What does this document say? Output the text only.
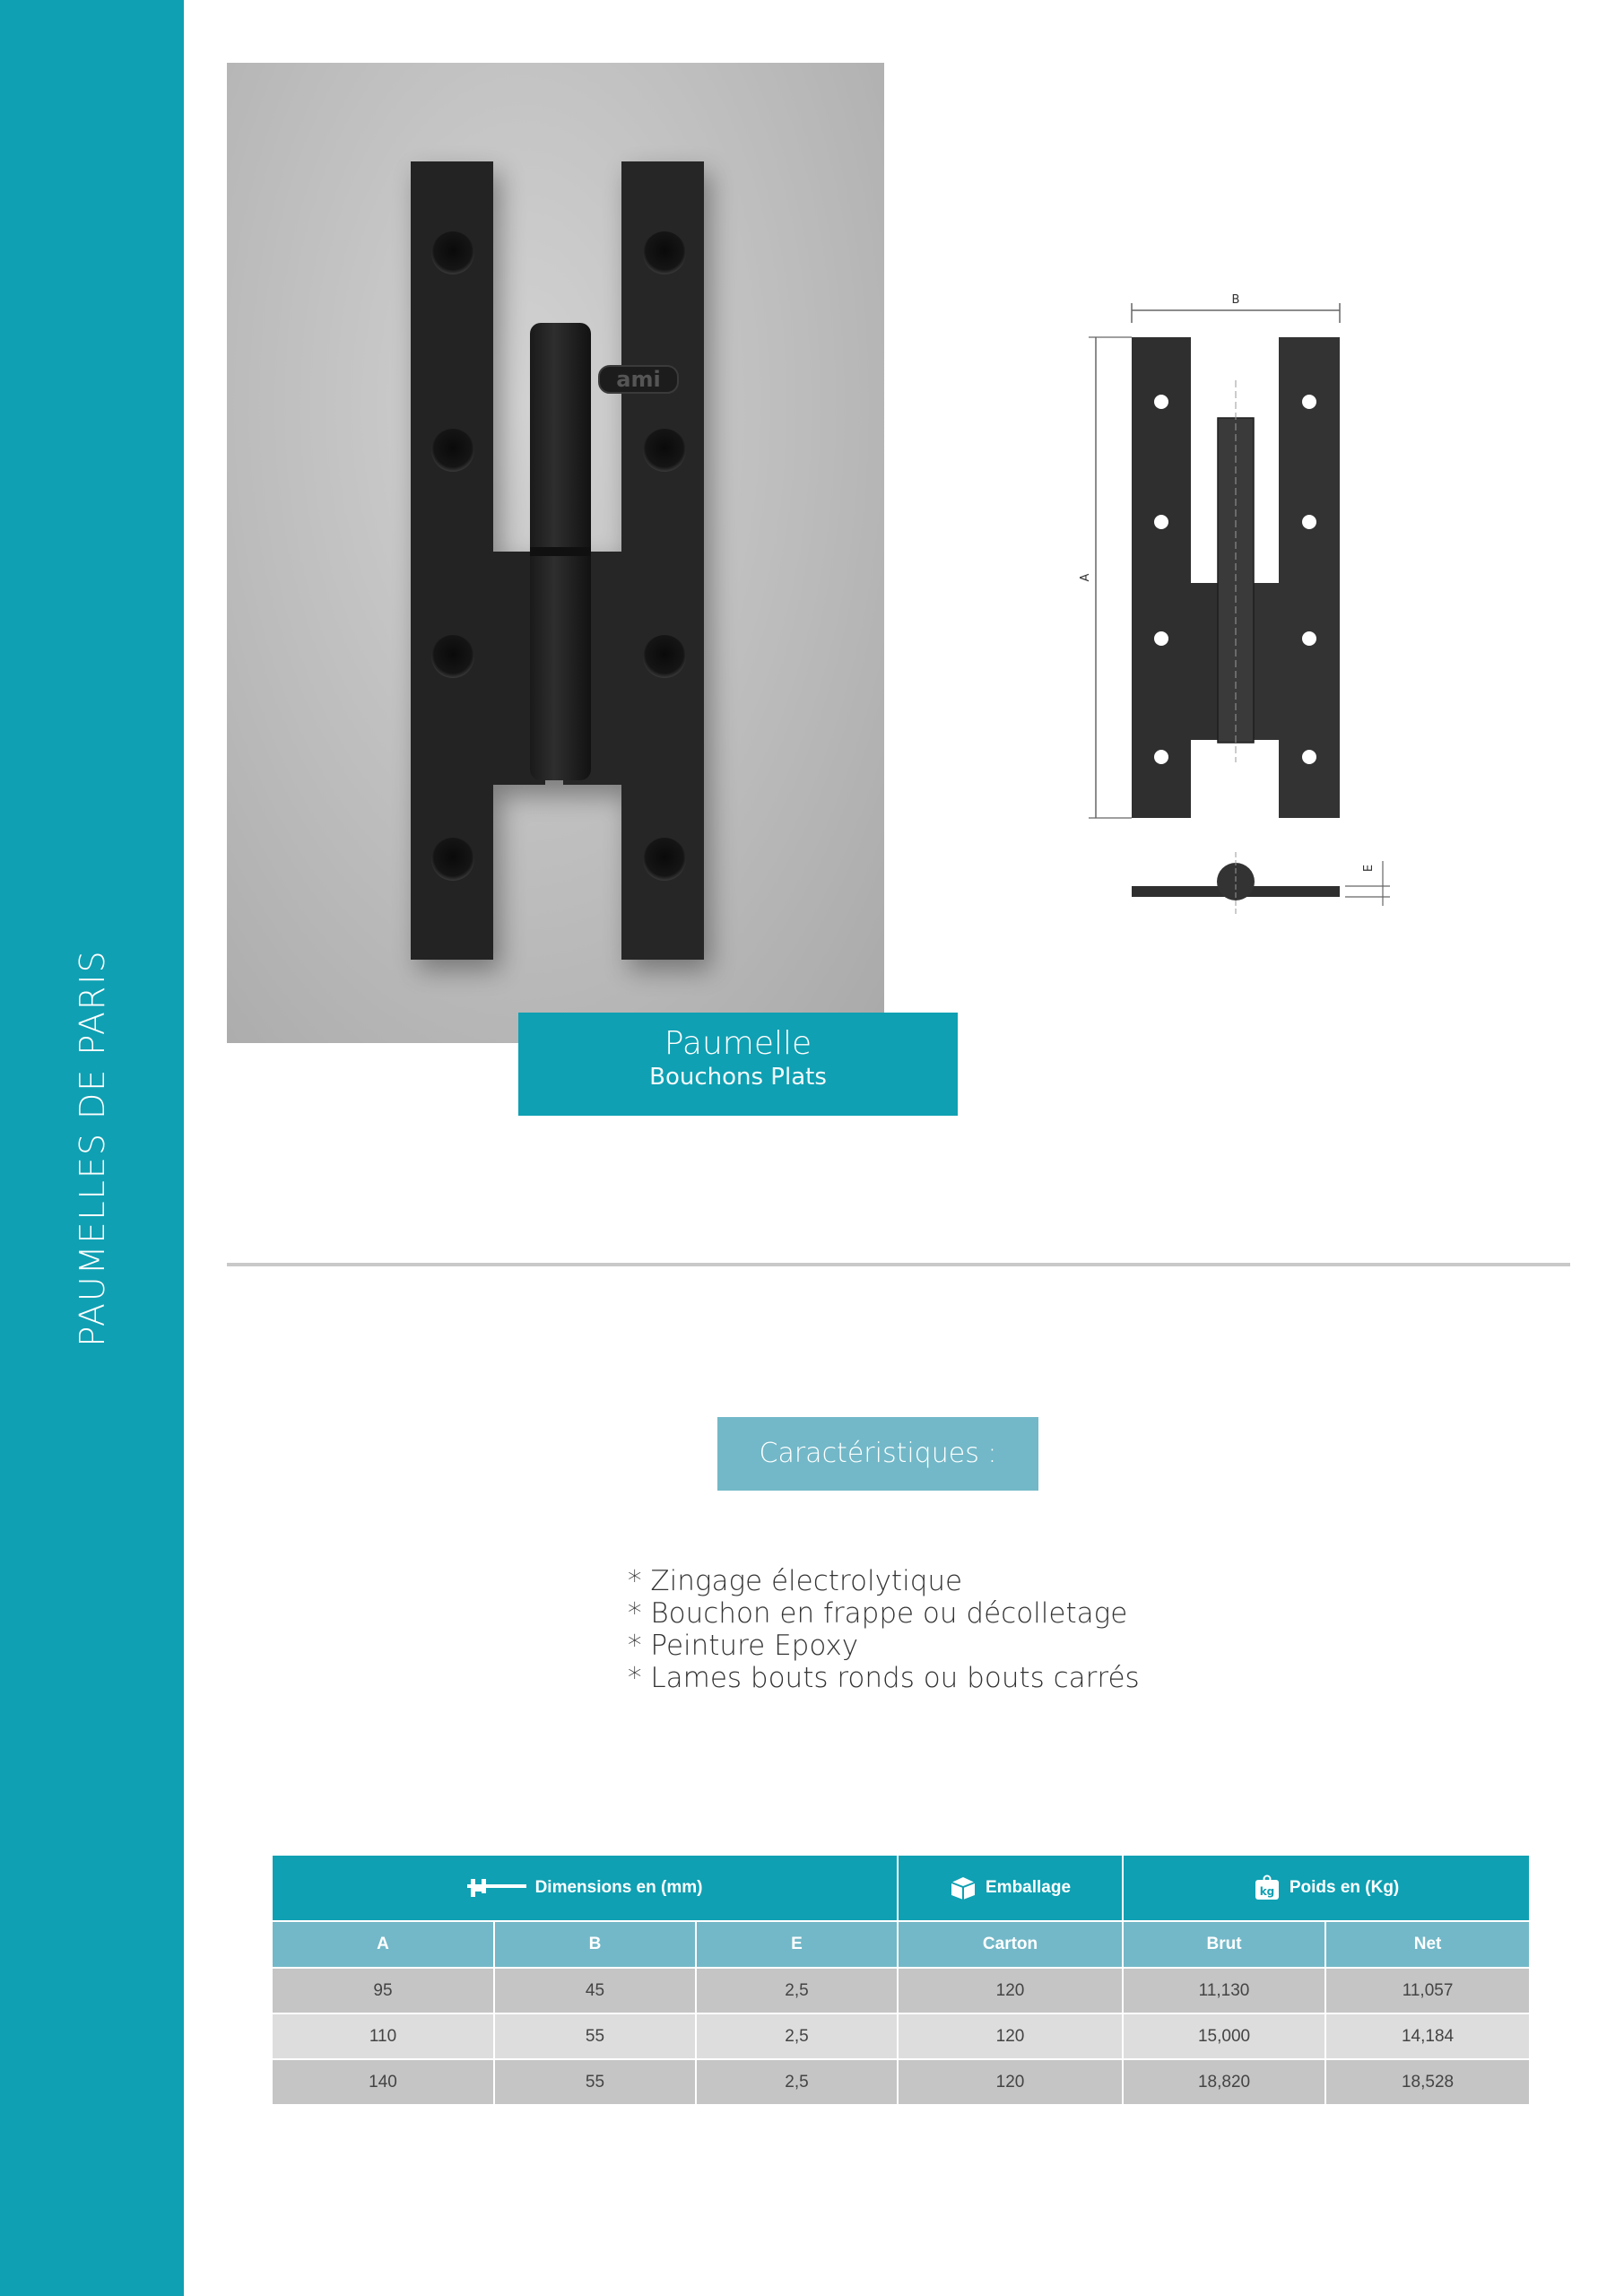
PAUMELLES DE PARIS
ami
Paumelle
Bouchons Plats
B
A
E
Caractéristiques :
* Zingage électrolytique
* Bouchon en frappe ou décolletage
* Peinture Epoxy
* Lames bouts ronds ou bouts carrés
Dimensions en (mm)			Emballage	kg Poids en (Kg)	
A	B	E	Carton	Brut	Net
95	45	2,5	120	11,130	11,057
110	55	2,5	120	15,000	14,184
140	55	2,5	120	18,820	18,528
